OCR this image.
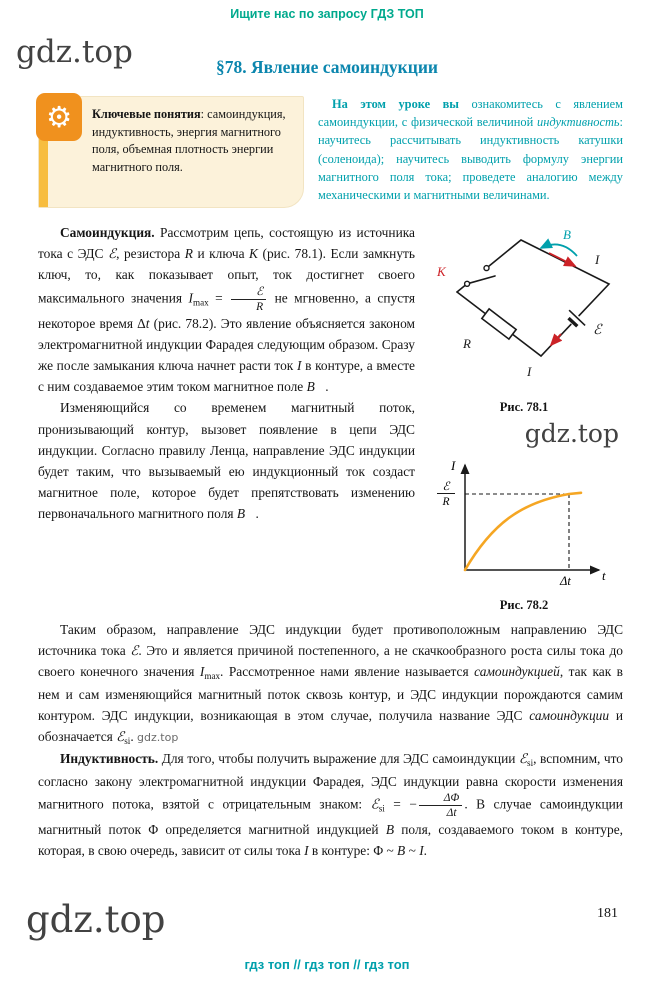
Ищите нас по запросу ГДЗ ТОП
gdz.top	§78. Явление самоиндукции
⚙ Ключевые понятия: самоиндукция, индуктивность, энергия магнитного поля, объемная плотность энергии магнитного поля.
На этом уроке вы ознакомитесь с явлением самоиндукции, с физической величиной индуктивность: научитесь рассчитывать индуктивность катушки (соленоида); научитесь выводить формулу энергии магнитного поля тока; проведете аналогию между механическими и магнитными величинами.
K
B⃗
I
ℰ
R
I
Рис. 78.1
gdz.top
I
t
ℰ
R
Δt
Рис. 78.2

Самоиндукция. Рассмотрим цепь, состоящую из источника тока с ЭДС ℰ, резистора R и ключа K (рис. 78.1). Если замкнуть ключ, то, как показывает опыт, ток достигнет своего максимального значения $I_{max} = \frac{\text{ℰ}}{R}$ не мгновенно, а спустя некоторое время Δt (рис. 78.2). Это явление объясняется законом электромагнитной индукции Фарадея следующим образом. Сразу же после замыкания ключа начнет расти ток I в контуре, а вместе с ним создаваемое этим током магнитное поле B⃗.

Изменяющийся со временем магнитный поток, пронизывающий контур, вызовет появление в цепи ЭДС индукции. Согласно правилу Ленца, направление ЭДС индукции будет таким, что вызываемый ею индукционный ток создаст магнитное поле, которое будет препятствовать изменению первоначального магнитного поля B⃗.

Таким образом, направление ЭДС индукции будет противоположным направлению ЭДС источника тока ℰ. Это и является причиной постепенного, а не скачкообразного роста силы тока до своего конечного значения $I_{max}$. Рассмотренное нами явление называется самоиндукцией, так как в нем и сам изменяющийся магнитный поток сквозь контур, и ЭДС индукции порождаются самим контуром. ЭДС индукции, возникающая в этом случае, получила название ЭДС самоиндукции и обозначается ℰ$_{si}$. gdz.top

Индуктивность. Для того, чтобы получить выражение для ЭДС самоиндукции ℰ$_{si}$, вспомним, что согласно закону электромагнитной индукции Фарадея, ЭДС индукции равна скорости изменения магнитного потока, взятой с отрицательным знаком: ℰ$_{si}$ = − $\frac{\Delta\Phi}{\Delta t}$ . В случае самоиндукции магнитный поток Φ определяется магнитной индукцией B поля, создаваемого током в контуре, которая, в свою очередь, зависит от силы тока I в контуре: Φ ~ B ~ I.

181
gdz.top
гдз топ // гдз топ // гдз топ
